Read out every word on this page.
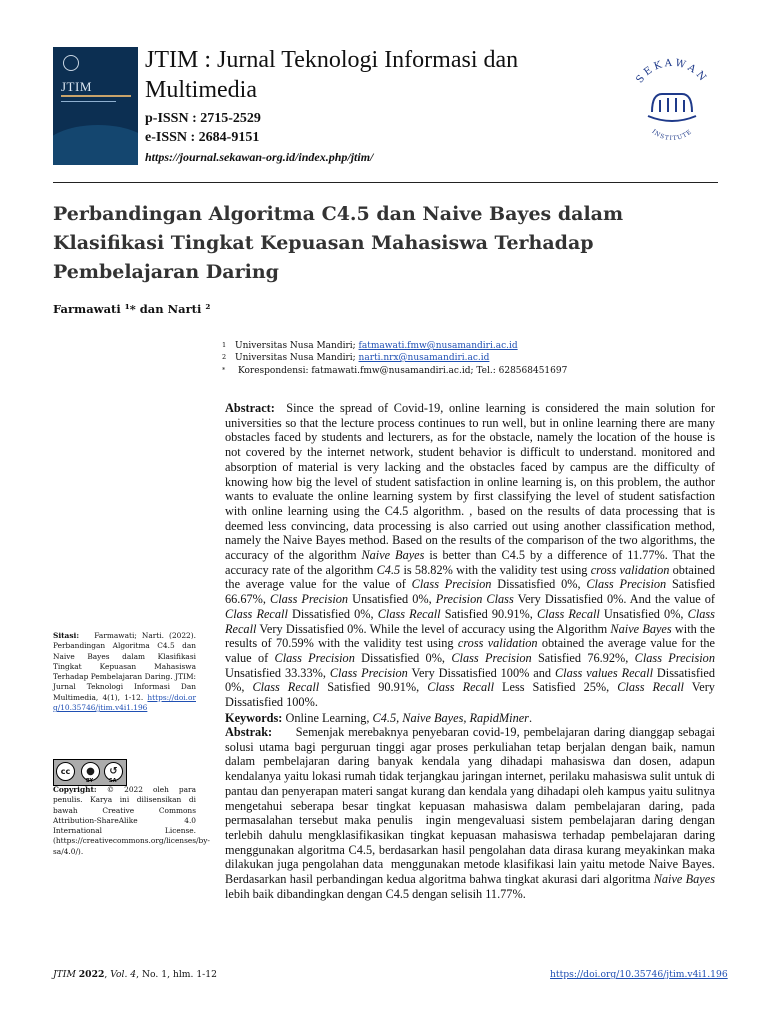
JTIM
JTIM : Jurnal Teknologi Informasi dan Multimedia
p-ISSN : 2715-2529
e-ISSN : 2684-9151
https://journal.sekawan-org.id/index.php/jtim/
SEKAWAN
INSTITUTE
Perbandingan Algoritma C4.5 dan Naive Bayes dalam Klasifikasi Tingkat Kepuasan Mahasiswa Terhadap Pembelajaran Daring
Farmawati ¹* dan Narti ²
1 Universitas Nusa Mandiri; fatmawati.fmw@nusamandiri.ac.id
2 Universitas Nusa Mandiri; narti.nrx@nusamandiri.ac.id
* Korespondensi: fatmawati.fmw@nusamandiri.ac.id; Tel.: 628568451697
Abstract: Since the spread of Covid-19, online learning is considered the main solution for universities so that the lecture process continues to run well, but in online learning there are many obstacles faced by students and lecturers, as for the obstacle, namely the location of the house is not covered by the internet network, student behavior is difficult to understand. monitored and absorption of material is very lacking and the obstacles faced by campus are the difficulty of knowing how big the level of student satisfaction in online learning is, on this problem, the author wants to evaluate the online learning system by first classifying the level of student satisfaction with online learning using the C4.5 algorithm. , based on the results of data processing that is deemed less convincing, data processing is also carried out using another classification method, namely the Naive Bayes method. Based on the results of the comparison of the two algorithms, the accuracy of the algorithm Naive Bayes is better than C4.5 by a difference of 11.77%. That the accuracy rate of the algorithm C4.5 is 58.82% with the validity test using cross validation obtained the average value for the value of Class Precision Dissatisfied 0%, Class Precision Satisfied 66.67%, Class Precision Unsatisfied 0%, Precision Class Very Dissatisfied 0%. And the value of Class Recall Dissatisfied 0%, Class Recall Satisfied 90.91%, Class Recall Unsatisfied 0%, Class Recall Very Dissatisfied 0%. While the level of accuracy using the Algorithm Naive Bayes with the results of 70.59% with the validity test using cross validation obtained the average value for the value of Class Precision Dissatisfied 0%, Class Precision Satisfied 76.92%, Class Precision Unsatisfied 33.33%, Class Precision Very Dissatisfied 100% and Class values Recall Dissatisfied 0%, Class Recall Satisfied 90.91%, Class Recall Less Satisfied 25%, Class Recall Very Dissatisfied 100%.
Keywords: Online Learning, C4.5, Naive Bayes, RapidMiner.
Abstrak: Semenjak merebaknya penyebaran covid-19, pembelajaran daring dianggap sebagai solusi utama bagi perguruan tinggi agar proses perkuliahan tetap berjalan dengan baik, namun dalam pembelajaran daring banyak kendala yang dihadapi mahasiswa dan dosen, adapun kendalanya yaitu lokasi rumah tidak terjangkau jaringan internet, perilaku mahasiswa sulit untuk di pantau dan penyerapan materi sangat kurang dan kendala yang dihadapi oleh kampus yaitu sulitnya mengetahui seberapa besar tingkat kepuasan mahasiswa dalam pembelajaran daring, pada permasalahan tersebut maka penulis  ingin mengevaluasi sistem pembelajaran daring dengan terlebih dahulu mengklasifikasikan tingkat kepuasan mahasiswa terhadap pembelajaran daring menggunakan algoritma C4.5, berdasarkan hasil pengolahan data dirasa kurang meyakinkan maka dilakukan juga pengolahan data  menggunakan metode klasifikasi lain yaitu metode Naive Bayes. Berdasarkan hasil perbandingan kedua algoritma bahwa tingkat akurasi dari algoritma Naive Bayes lebih baik dibandingkan dengan C4.5 dengan selisih 11.77%.
Sitasi: Farmawati; Narti. (2022). Perbandingan Algoritma C4.5 dan Naive Bayes dalam Klasifikasi Tingkat Kepuasan Mahasiswa Terhadap Pembelajaran Daring. JTIM: Jurnal Teknologi Informasi Dan Multimedia, 4(1), 1-12. https://doi.org/10.35746/jtim.v4i1.196
cc	●	↺
BY	SA
Copyright: © 2022 oleh para penulis. Karya ini dilisensikan di bawah Creative Commons Attribution-ShareAlike 4.0 International License. (https://creativecommons.org/licenses/by-sa/4.0/).
JTIM 2022, Vol. 4, No. 1, hlm. 1-12	https://doi.org/10.35746/jtim.v4i1.196
